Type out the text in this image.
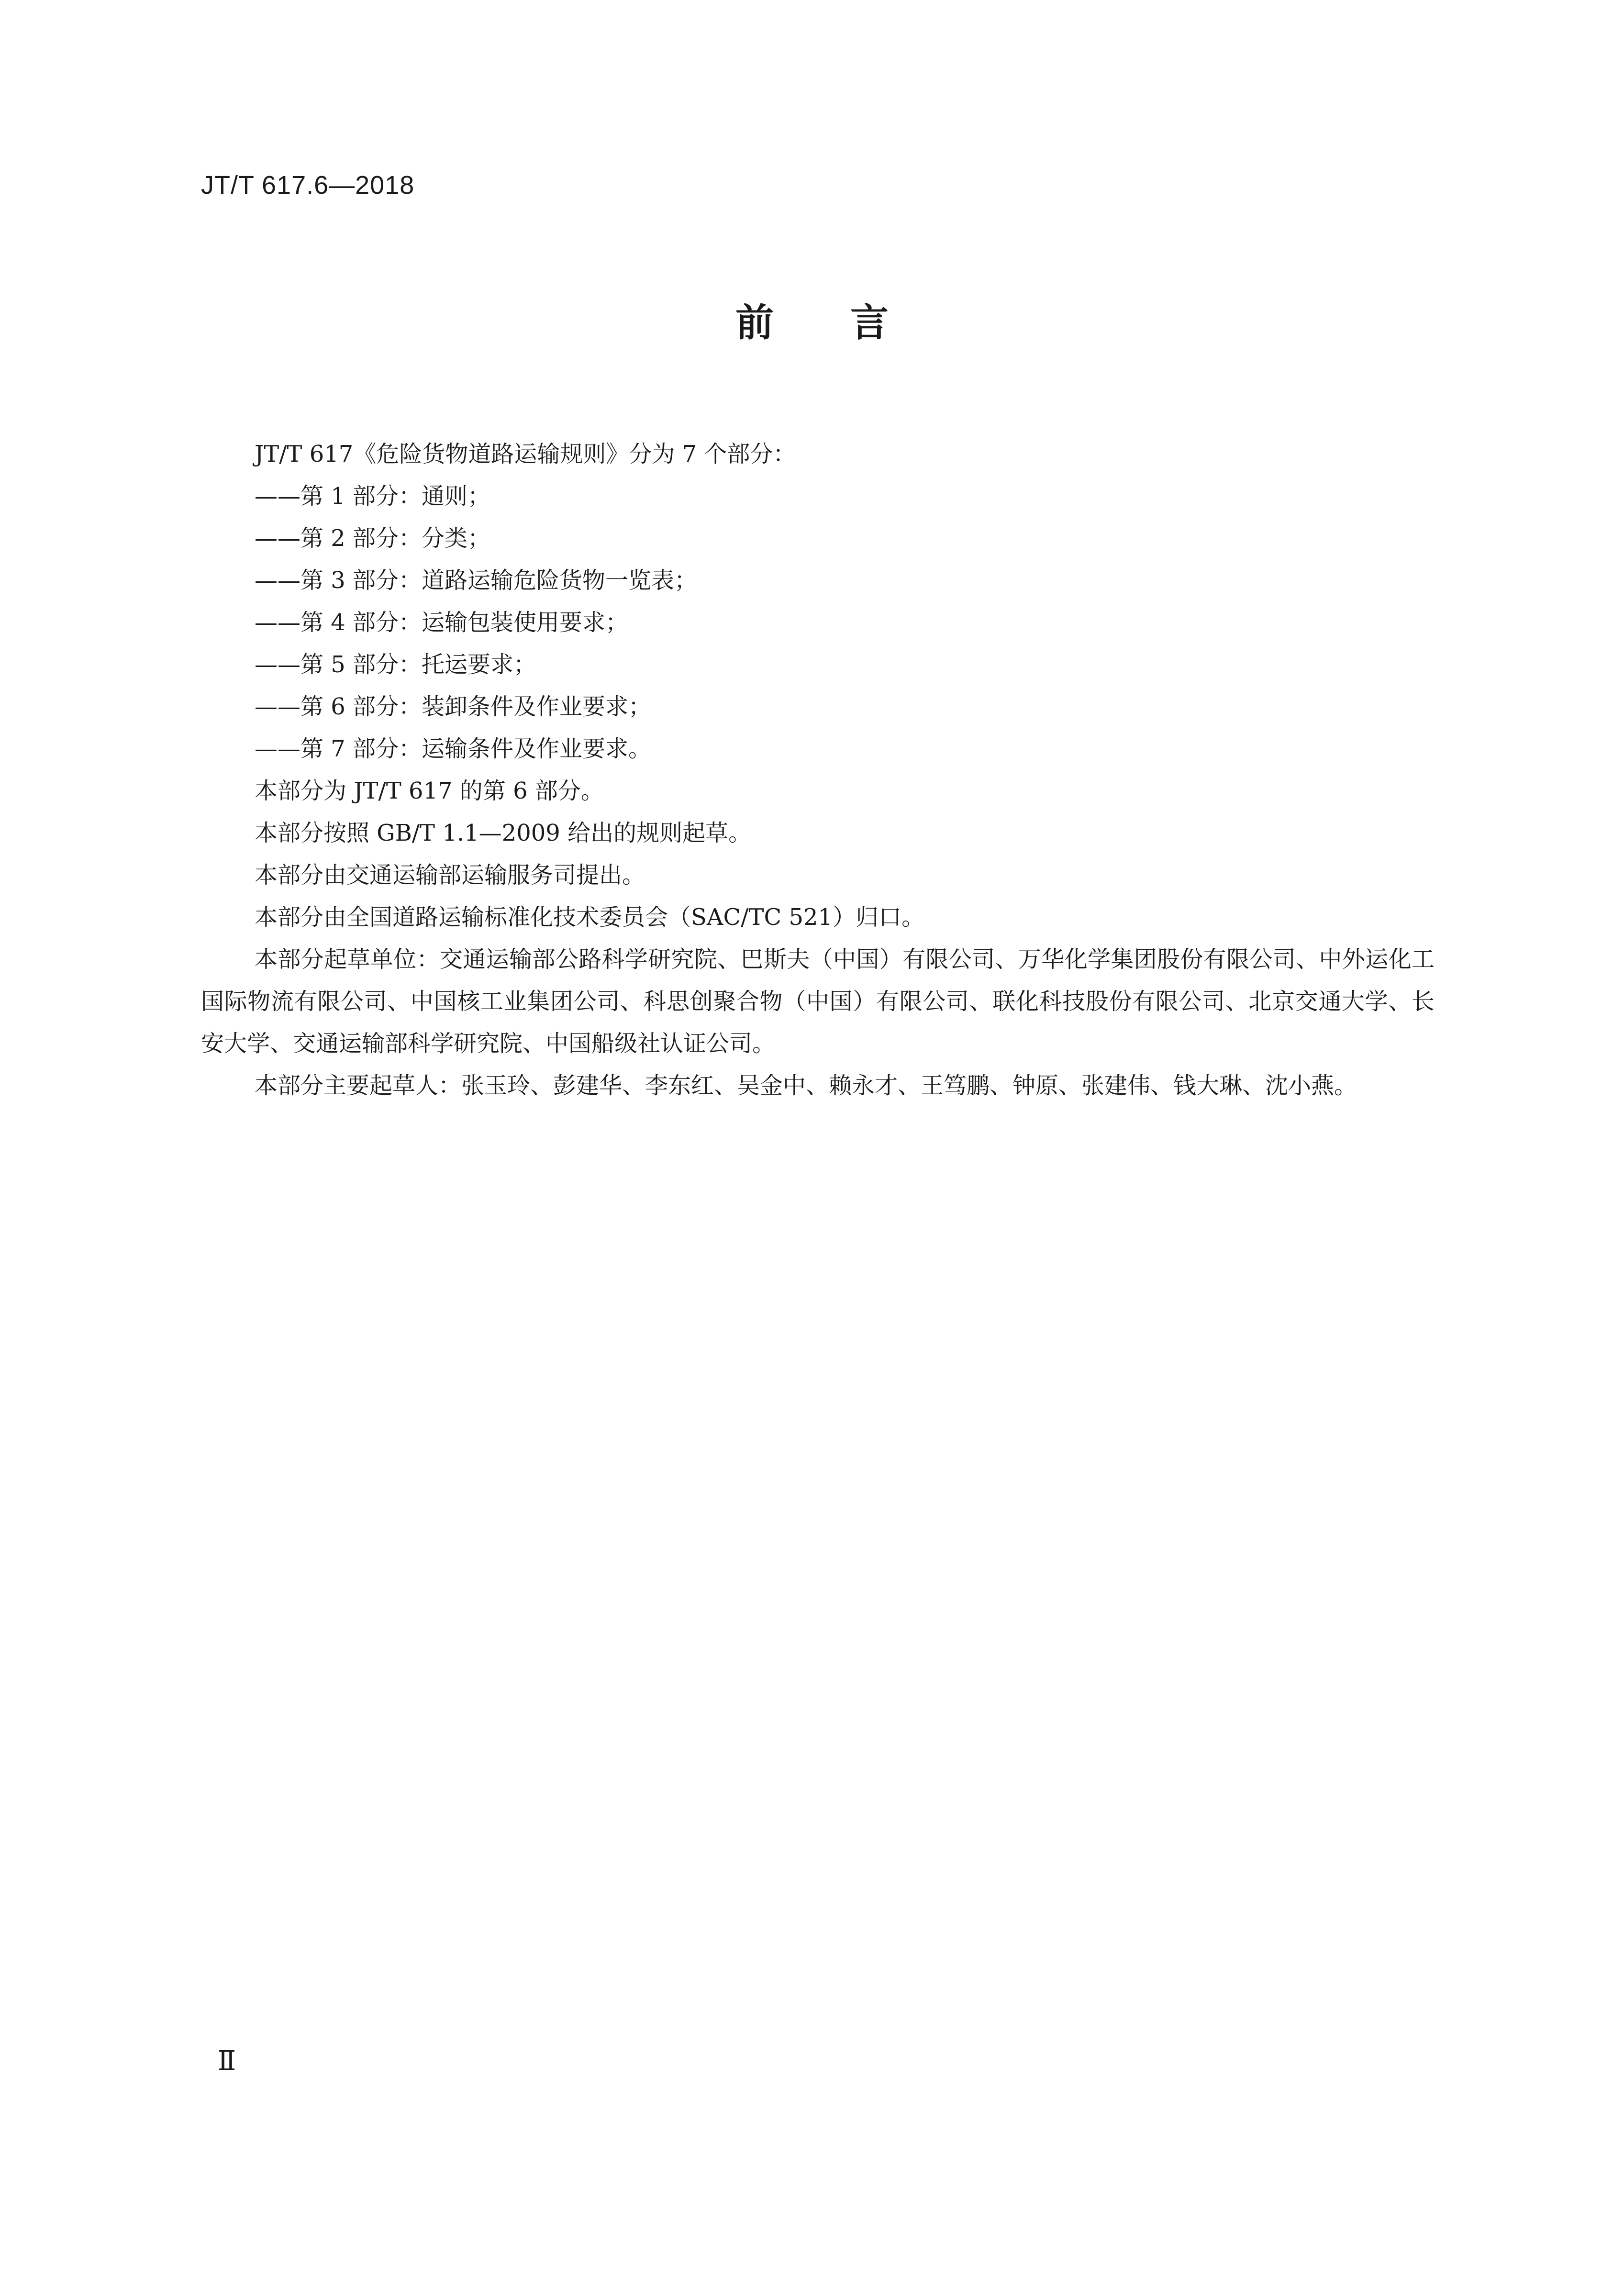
JT/T 617.6—2018
前 言

JT/T 617《危险货物道路运输规则》分为 7 个部分：

——第 1 部分：通则；

——第 2 部分：分类；

——第 3 部分：道路运输危险货物一览表；

——第 4 部分：运输包装使用要求；

——第 5 部分：托运要求；

——第 6 部分：装卸条件及作业要求；

——第 7 部分：运输条件及作业要求。

本部分为 JT/T 617 的第 6 部分。

本部分按照 GB/T 1.1—2009 给出的规则起草。

本部分由交通运输部运输服务司提出。

本部分由全国道路运输标准化技术委员会（SAC/TC 521）归口。

本部分起草单位：交通运输部公路科学研究院、巴斯夫（中国）有限公司、万华化学集团股份有限公司、中外运化工国际物流有限公司、中国核工业集团公司、科思创聚合物（中国）有限公司、联化科技股份有限公司、北京交通大学、长安大学、交通运输部科学研究院、中国船级社认证公司。

本部分主要起草人：张玉玲、彭建华、李东红、吴金中、赖永才、王笃鹏、钟原、张建伟、钱大琳、沈小燕。

Ⅱ
